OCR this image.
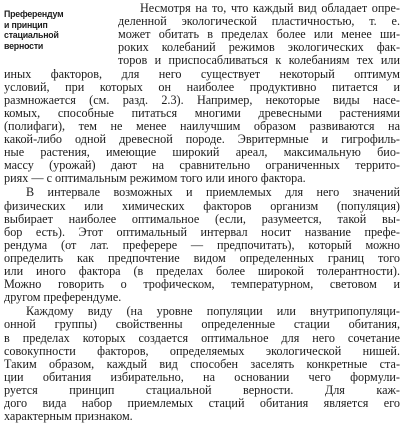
Преферендум
и принцип
стациальной
верности
Несмотря на то, что каждый вид обладает опре-
деленной экологической пластичностью, т. е.
может обитать в пределах более или менее ши-
роких колебаний режимов экологических фак-
торов и приспосабливаться к колебаниям тех или
иных факторов, для него существует некоторый оптимум
условий, при которых он наиболее продуктивно питается и
размножается (см. разд. 2.3). Например, некоторые виды насе-
комых, способные питаться многими древесными растениями
(полифаги), тем не менее наилучшим образом развиваются на
какой-либо одной древесной породе. Эвритермные и гигрофиль-
ные растения, имеющие широкий ареал, максимальную био-
массу (урожай) дают на сравнительно ограниченных террито-
риях — с оптимальным режимом того или иного фактора.
В интервале возможных и приемлемых для него значений
физических или химических факторов организм (популяция)
выбирает наиболее оптимальное (если, разумеется, такой вы-
бор есть). Этот оптимальный интервал носит название префе-
рендума (от лат. преферере — предпочитать), который можно
определить как предпочтение видом определенных границ того
или иного фактора (в пределах более широкой толерантности).
Можно говорить о трофическом, температурном, световом и
другом преферендуме.
Каждому виду (на уровне популяции или внутрипопуляци-
онной группы) свойственны определенные стации обитания,
в пределах которых создается оптимальное для него сочетание
совокупности факторов, определяемых экологической нишей.
Таким образом, каждый вид способен заселять конкретные ста-
ции обитания избирательно, на основании чего формули-
руется принцип стациальной верности. Для каж-
дого вида набор приемлемых стаций обитания является его
характерным признаком.
